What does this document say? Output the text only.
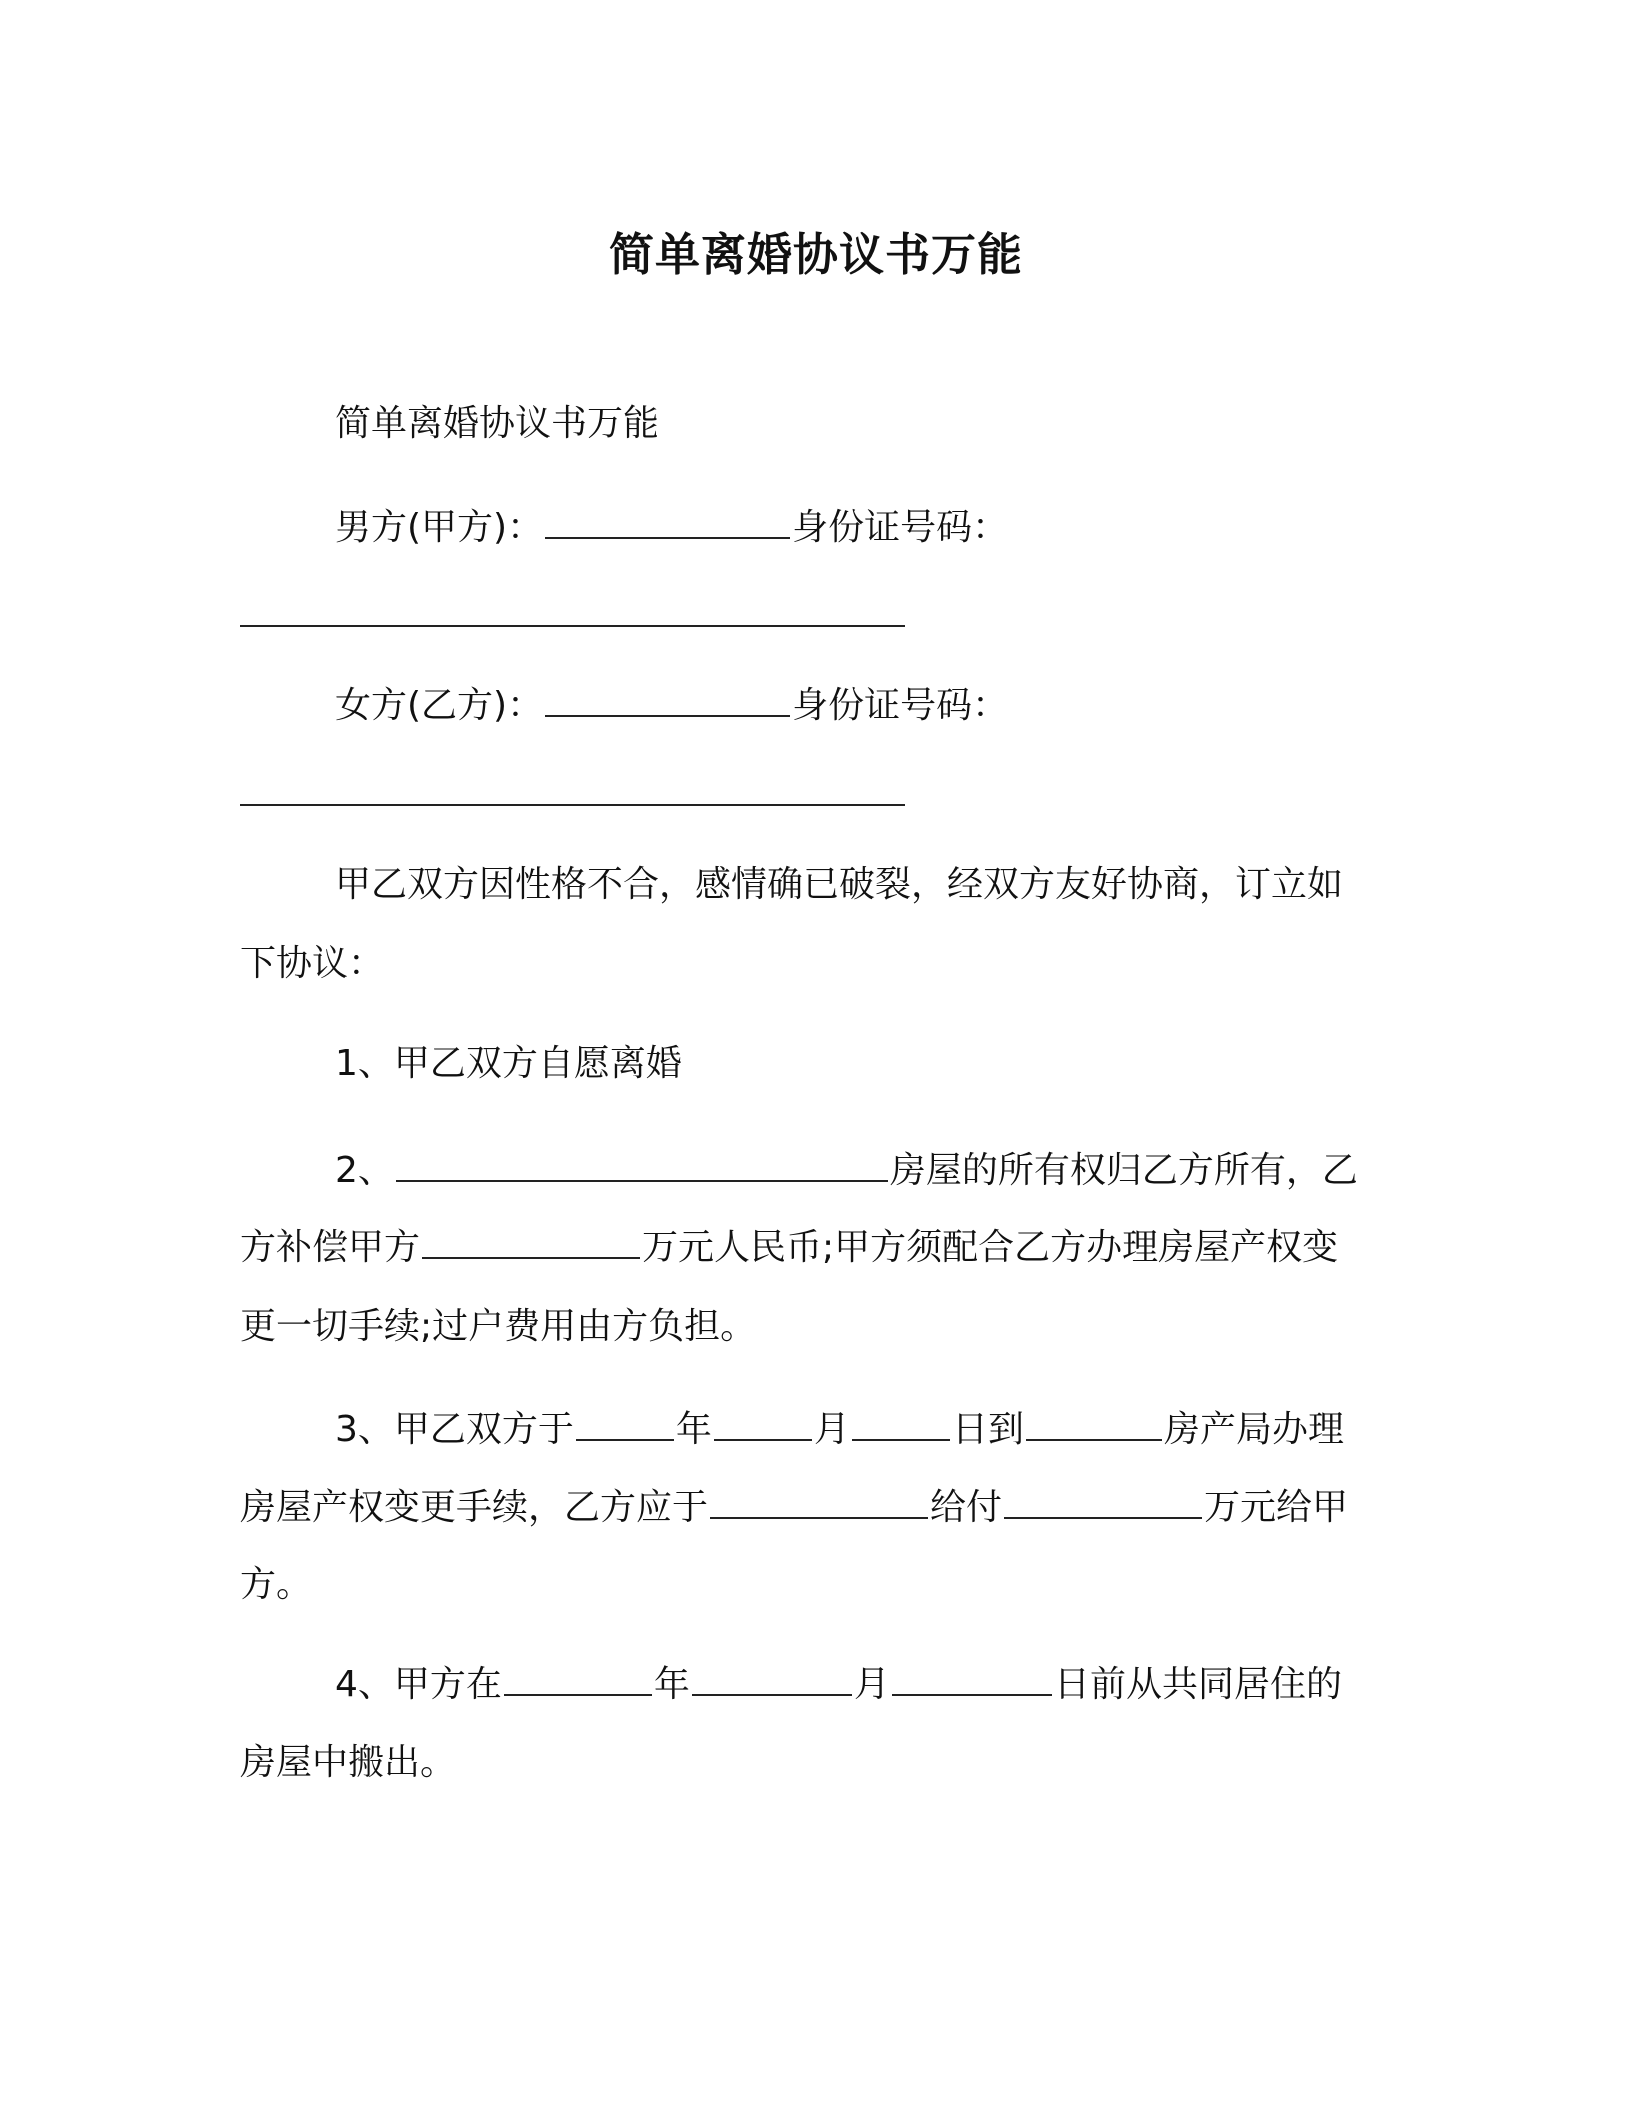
简单离婚协议书万能
简单离婚协议书万能
男方(甲方)：	身份证号码：
女方(乙方)：	身份证号码：
甲乙双方因性格不合，感情确已破裂，经双方友好协商，订立如
下协议：
1、甲乙双方自愿离婚
2、	房屋的所有权归乙方所有，乙
方补偿甲方	万元人民币;甲方须配合乙方办理房屋产权变
更一切手续;过户费用由方负担。
3、甲乙双方于	年	月	日到	房产局办理
房屋产权变更手续，乙方应于	给付	万元给甲
方。
4、甲方在	年	月	日前从共同居住的
房屋中搬出。
